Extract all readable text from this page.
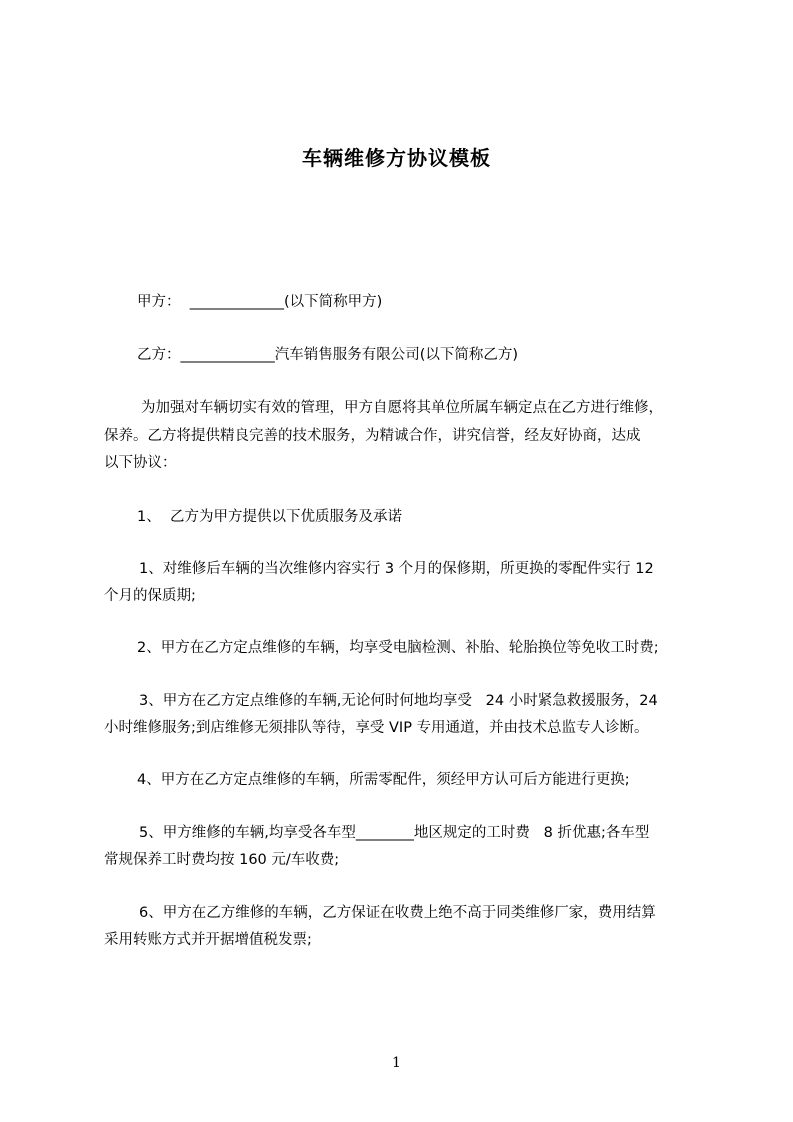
车辆维修方协议模板
甲方：  _____________(以下简称甲方)
乙方：_____________汽车销售服务有限公司(以下简称乙方)
为加强对车辆切实有效的管理，甲方自愿将其单位所属车辆定点在乙方进行维修，
保养。乙方将提供精良完善的技术服务，为精诚合作，讲究信誉，经友好协商，达成
以下协议：
1、  乙方为甲方提供以下优质服务及承诺
1、对维修后车辆的当次维修内容实行 3 个月的保修期，所更换的零配件实行 12
个月的保质期;
2、甲方在乙方定点维修的车辆，均享受电脑检测、补胎、轮胎换位等免收工时费;
3、甲方在乙方定点维修的车辆,无论何时何地均享受   24 小时紧急救援服务，24
小时维修服务;到店维修无须排队等待，享受 VIP 专用通道，并由技术总监专人诊断。
4、甲方在乙方定点维修的车辆，所需零配件，须经甲方认可后方能进行更换;
5、甲方维修的车辆,均享受各车型________地区规定的工时费   8 折优惠;各车型
常规保养工时费均按 160 元/车收费;
6、甲方在乙方维修的车辆，乙方保证在收费上绝不高于同类维修厂家，费用结算
采用转账方式并开据增值税发票;
1
